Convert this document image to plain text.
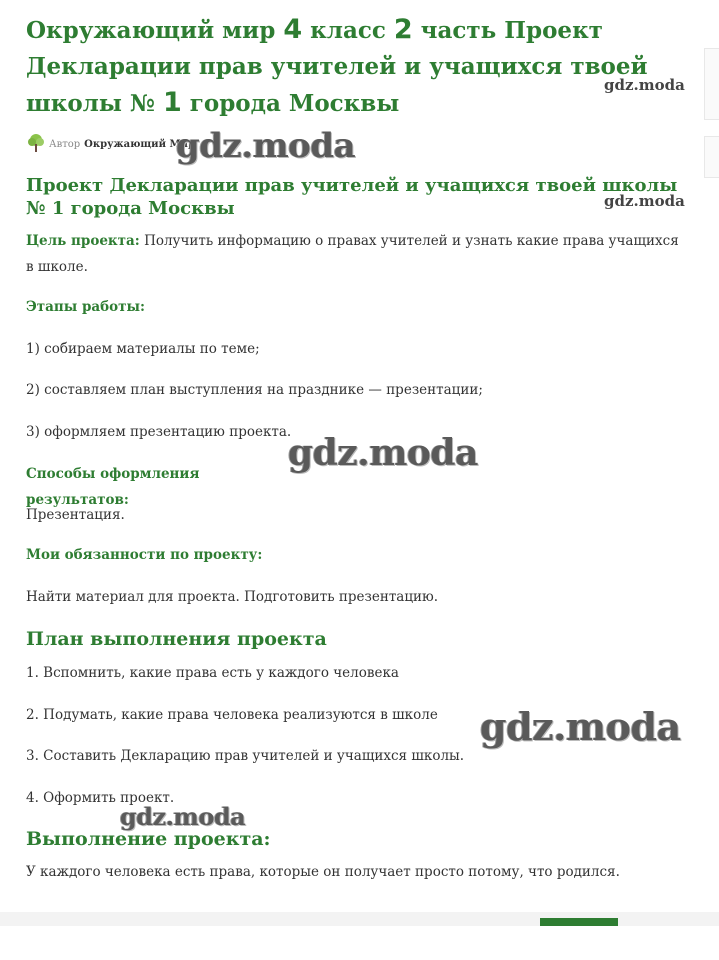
Окружающий мир 4 класс 2 часть Проект Декларации прав учителей и учащихся твоей школы № 1 города Москвы
gdz.moda
Автор Окружающий Мир
gdz.moda
Проект Декларации прав учителей и учащихся твоей школы № 1 города Москвы	gdz.moda

Цель проекта: Получить информацию о правах учителей и узнать какие права учащихся в школе.

Этапы работы:

1) собираем материалы по теме;

2) составляем план выступления на празднике — презентации;

3) оформляем презентацию проекта.

Способы оформления результатов:

gdz.moda

Презентация.

Мои обязанности по проекту:

Найти материал для проекта. Подготовить презентацию.

План выполнения проекта

1. Вспомнить, какие права есть у каждого человека

2. Подумать, какие права человека реализуются в школе

3. Составить Декларацию прав учителей и учащихся школы.

gdz.moda

4. Оформить проект.

gdz.moda
Выполнение проекта:

У каждого человека есть права, которые он получает просто потому, что родился.
